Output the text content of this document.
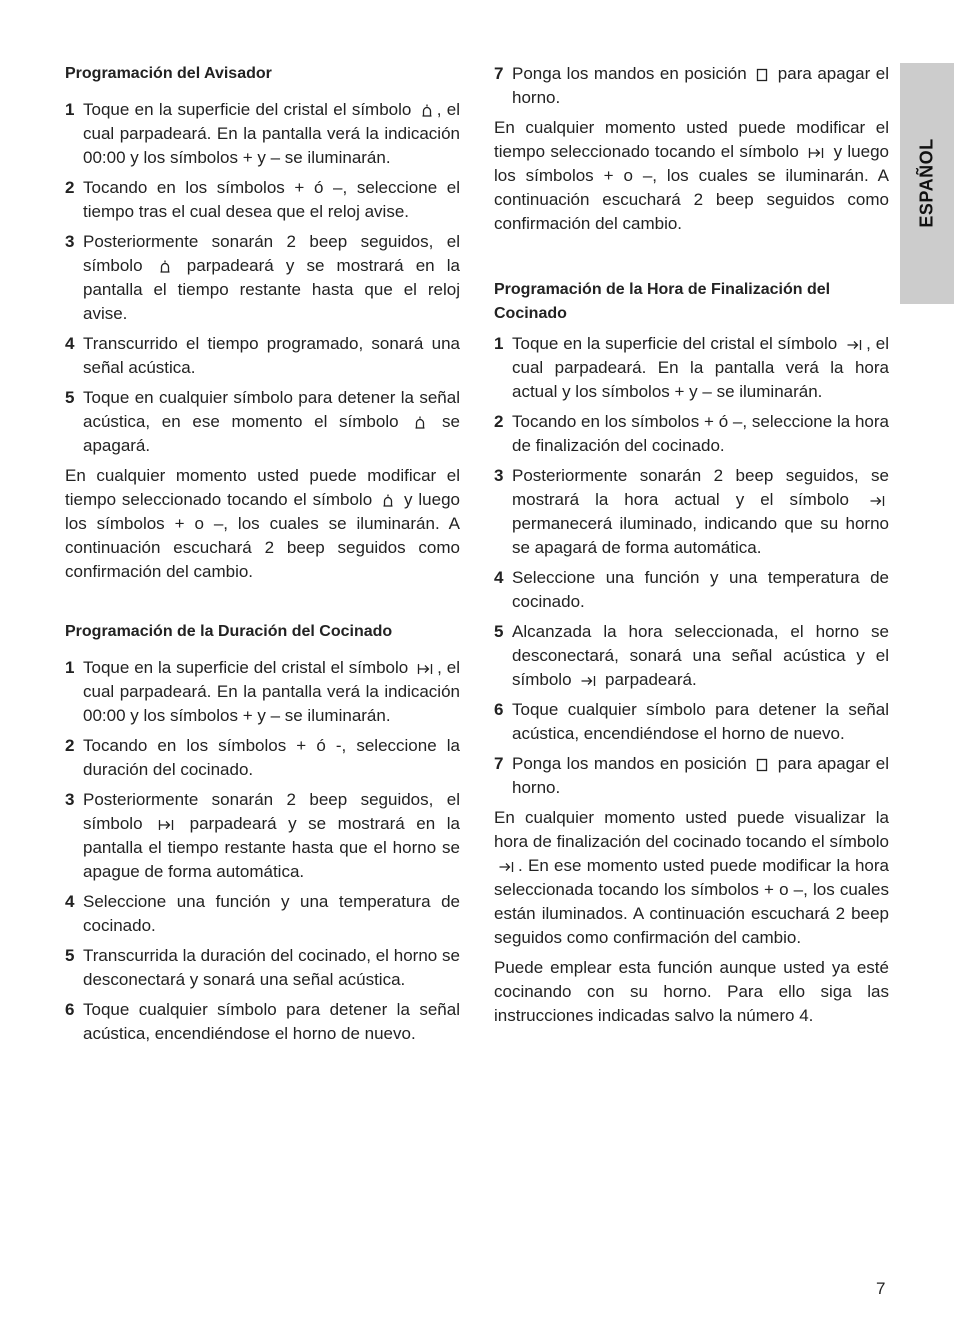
Programación del Avisador
1 Toque en la superficie del cristal el símbolo , el cual parpadeará. En la pantalla verá la indicación 00:00 y los símbolos + y – se iluminarán.
2 Tocando en los símbolos + ó –, seleccione el tiempo tras el cual desea que el reloj avise.
3 Posteriormente sonarán 2 beep seguidos, el símbolo	parpadeará y se mostrará en la pantalla el tiempo restante hasta que el reloj avise.
4 Transcurrido el tiempo programado, sonará una señal acústica.
5 Toque en cualquier símbolo para detener la señal acústica, en ese momento el símbolo	se apagará.
En cualquier momento usted puede modificar el tiempo seleccionado tocando el símbolo y luego los símbolos + o –, los cuales se iluminarán. A continuación escuchará 2 beep seguidos como confirmación del cambio.
Programación de la Duración del Cocinado
1 Toque en la superficie del cristal el símbolo , el cual parpadeará. En la pantalla verá la indicación 00:00 y los símbolos + y – se iluminarán.
2 Tocando en los símbolos + ó -, seleccione la duración del cocinado.
3 Posteriormente sonarán 2 beep seguidos, el símbolo	parpadeará y se mostrará en la pantalla el tiempo restante hasta que el horno se apague de forma automática.
4 Seleccione una función y una temperatura de cocinado.
5 Transcurrida la duración del cocinado, el horno se desconectará y sonará una señal acústica.
6 Toque cualquier símbolo para detener la señal acústica, encendiéndose el horno de nuevo.
7 Ponga los mandos en posición para apagar el horno.
En cualquier momento usted puede modificar el tiempo seleccionado tocando el símbolo y luego los símbolos + o –, los cuales se iluminarán. A continuación escuchará 2 beep seguidos como confirmación del cambio.
Programación de la Hora de Finalización del Cocinado
1 Toque en la superficie del cristal el símbolo , el cual parpadeará. En la pantalla verá la hora actual y los símbolos + y – se iluminarán.
2 Tocando en los símbolos + ó –, seleccione la hora de finalización del cocinado.
3 Posteriormente sonarán 2 beep seguidos, se mostrará la hora actual y el símbolo
permanecerá iluminado, indicando que su horno se apagará de forma automática.
4 Seleccione una función y una temperatura de cocinado.
5 Alcanzada la hora seleccionada, el horno se desconectará, sonará una señal acústica y el símbolo parpadeará.
6 Toque cualquier símbolo para detener la señal acústica, encendiéndose el horno de nuevo.
7 Ponga los mandos en posición para apagar el horno.
En cualquier momento usted puede visualizar la hora de finalización del cocinado tocando el símbolo
. En ese momento usted puede modificar la hora seleccionada tocando los símbolos + o –, los cuales están iluminados. A continuación escuchará 2 beep seguidos como confirmación del cambio.
Puede emplear esta función aunque usted ya esté cocinando con su horno. Para ello siga las instrucciones indicadas salvo la número 4.
ESPAÑOL
7
